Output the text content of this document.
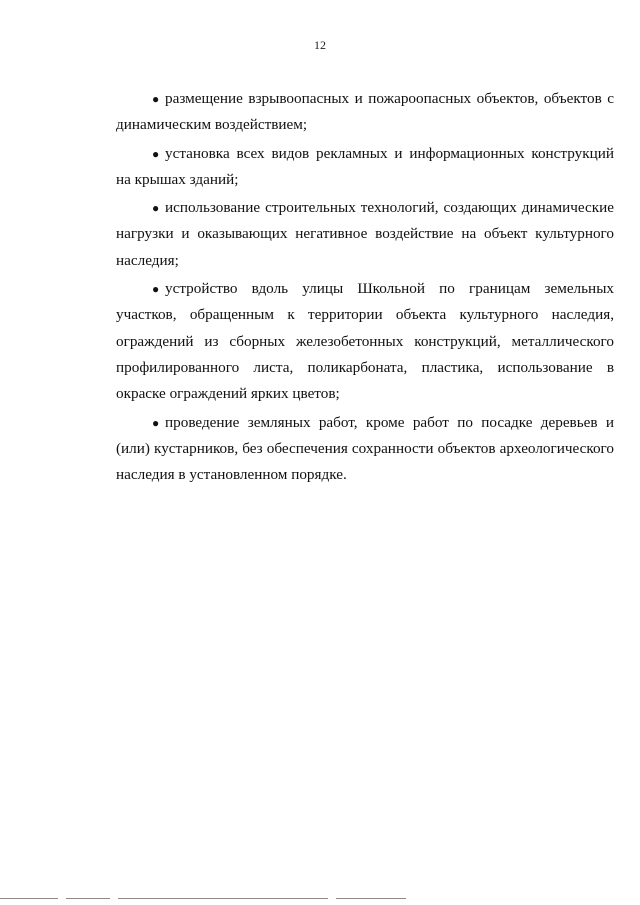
12

● размещение взрывоопасных и пожароопасных объектов, объектов с динамическим воздействием;

● установка всех видов рекламных и информационных конструкций на крышах зданий;

● использование строительных технологий, создающих динамические нагрузки и оказывающих негативное воздействие на объект культурного наследия;

● устройство вдоль улицы Школьной по границам земельных участков, обращенным к территории объекта культурного наследия, ограждений из сборных железобетонных конструкций, металлического профилированного листа, поликарбоната, пластика, использование в окраске ограждений ярких цветов;

● проведение земляных работ, кроме работ по посадке деревьев и (или) кустарников, без обеспечения сохранности объектов археологического наследия в установленном порядке.
